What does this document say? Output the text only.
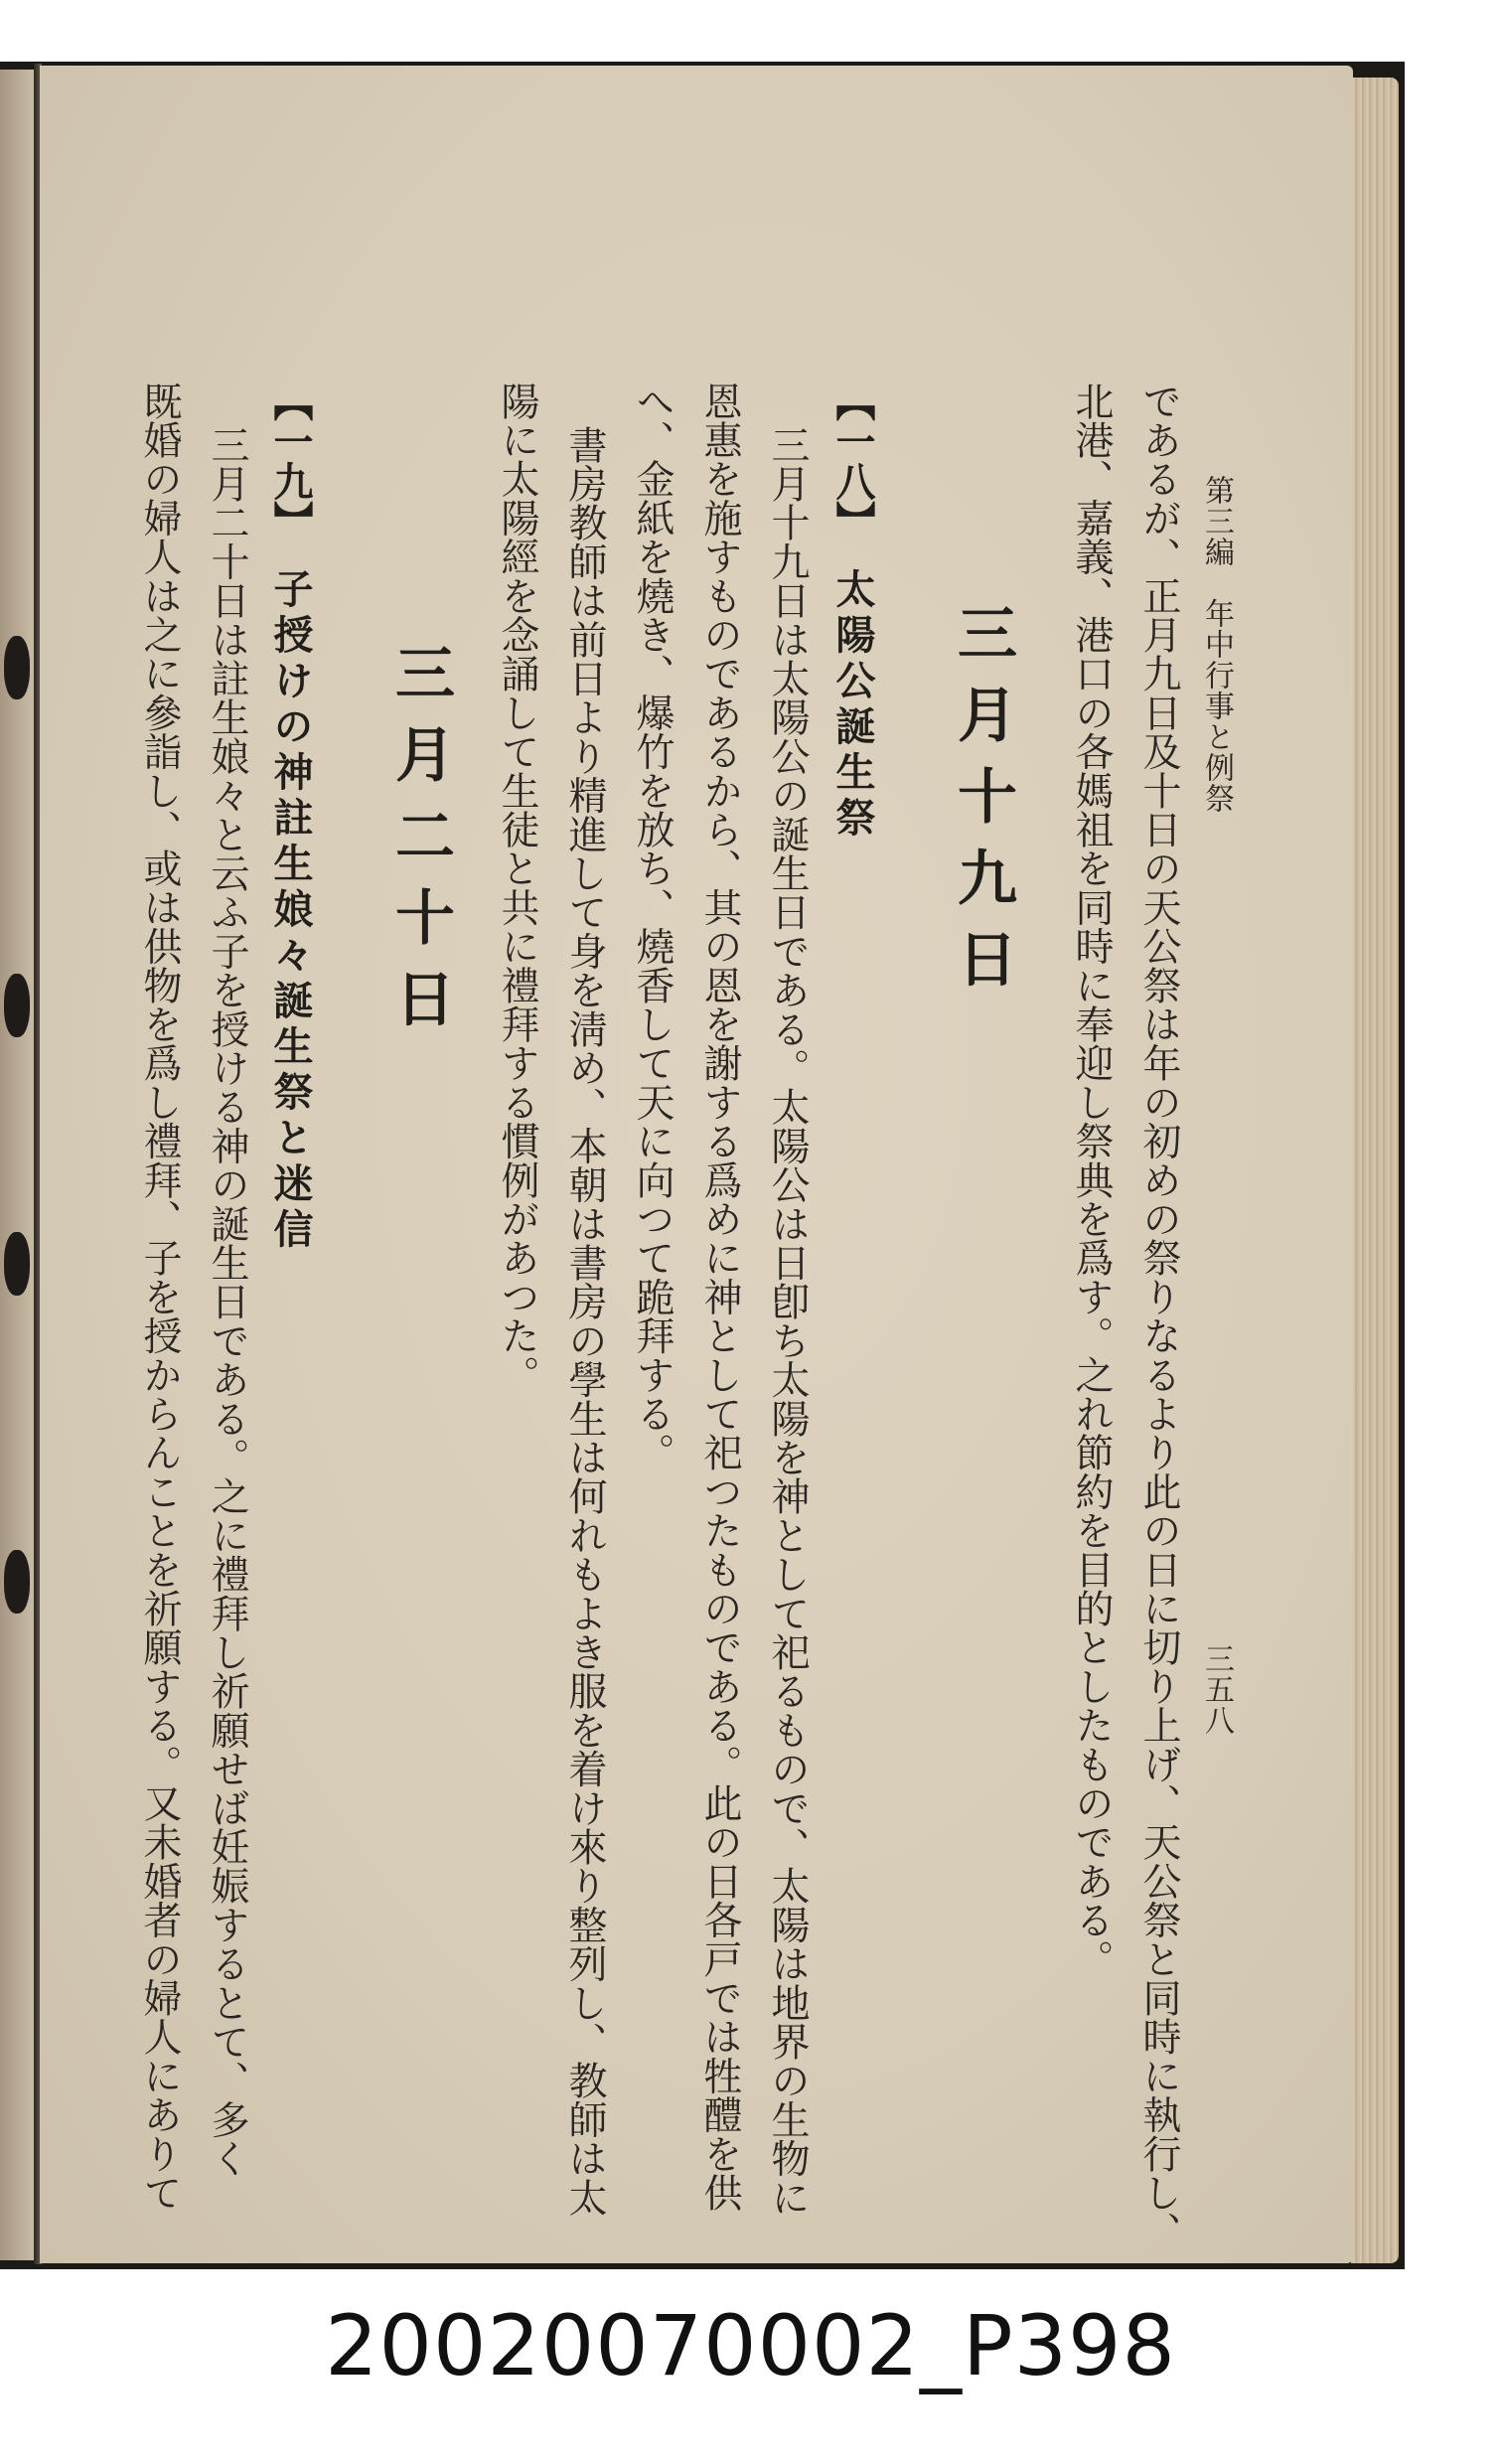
第三編　年中行事と例祭

三五八

であるが、正月九日及十日の天公祭は年の初めの祭りなるより此の日に切り上げ、天公祭と同時に執行し、

北港、嘉義、港口の各媽祖を同時に奉迎し祭典を爲す。之れ節約を目的としたものである。

三月十九日

【一八】太陽公誕生祭

三月十九日は太陽公の誕生日である。太陽公は日卽ち太陽を神として祀るもので、太陽は地界の生物に

恩惠を施すものであるから、其の恩を謝する爲めに神として祀つたものである。此の日各戸では牲醴を供

へ、金紙を燒き、爆竹を放ち、燒香して天に向つて跪拜する。

書房教師は前日より精進して身を淸め、本朝は書房の學生は何れもよき服を着け來り整列し、教師は太

陽に太陽經を念誦して生徒と共に禮拜する慣例があつた。

三月二十日

【一九】子授けの神註生娘々誕生祭と迷信

三月二十日は註生娘々と云ふ子を授ける神の誕生日である。之に禮拜し祈願せば妊娠するとて、多く

既婚の婦人は之に參詣し、或は供物を爲し禮拜、子を授からんことを祈願する。又未婚者の婦人にありて

20020070002_P398
